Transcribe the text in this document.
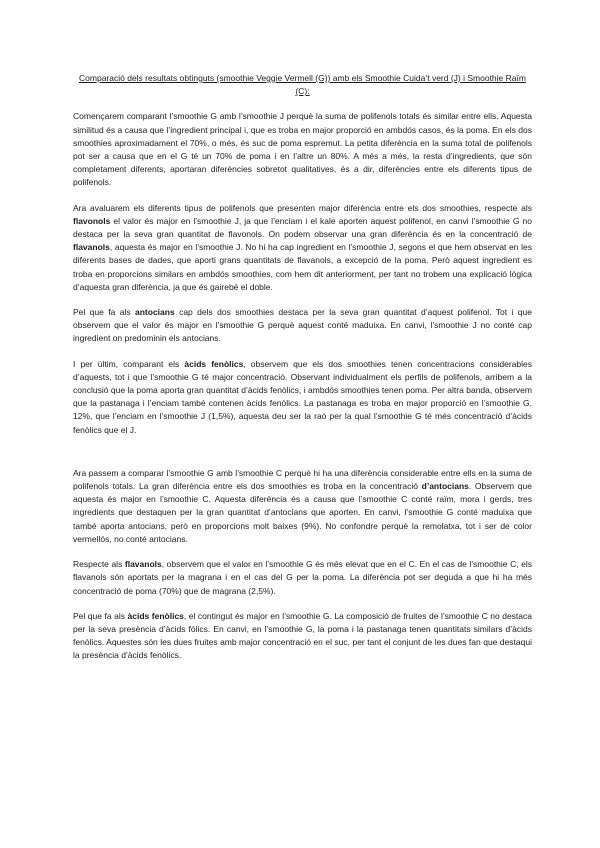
Comparació dels resultats obtinguts (smoothie Veggie Vermell (G)) amb els Smoothie Cuida’t verd (J) i Smoothie Raïm (C):

Començarem comparant l’smoothie G amb l’smoothie J perquè la suma de polifenols totals és similar entre ells. Aquesta similitud és a causa que l’ingredient principal i, que es troba en major proporció en ambdós casos, és la poma. En els dos smoothies aproximadament el 70%, o més, és suc de poma espremut. La petita diferència en la suma total de polifenols pot ser a causa que en el G té un 70% de poma i en l’altre un 80%. A més a més, la resta d’ingredients, que són completament diferents, aportaran diferències sobretot qualitatives, és a dir, diferències entre els diferents tipus de polifenols.

Ara avaluarem els diferents tipus de polifenols que presenten major diferència entre els dos smoothies, respecte als flavonols el valor és major en l’smoothie J, ja que l’enciam i el kale aporten aquest polifenol, en canvi l’smoothie G no destaca per la seva gran quantitat de flavonols. On podem observar una gran diferència és en la concentració de flavanols, aquesta és major en l’smoothie J. No hi ha cap ingredient en l’smoothie J, segons el que hem observat en les diferents bases de dades, que aporti grans quantitats de flavanols, a excepció de la poma. Però aquest ingredient es troba en proporcions similars en ambdós smoothies, com hem dit anteriorment, per tant no trobem una explicació lògica d’aquesta gran diferència, ja que és gairebé el doble.

Pel que fa als antocians cap dels dos smoothies destaca per la seva gran quantitat d’aquest polifenol. Tot i que observem que el valor és major en l’smoothie G perquè aquest conté maduixa. En canvi, l’smoothie J no conté cap ingredient on predominin els antocians.

I per últim, comparant els àcids fenòlics, observem que els dos smoothies tenen concentracions considerables d’aquests, tot i que l’smoothie G té major concentració. Observant individualment els perfils de polifenols, arribem a la conclusió que la poma aporta gran quantitat d’àcids fenòlics, i ambdós smoothies tenen poma. Per altra banda, observem que la pastanaga i l’enciam també contenen àcids fenòlics. La pastanaga es troba en major proporció en l’smoothie G, 12%, que l’enciam en l’smoothie J (1,5%), aquesta deu ser la raó per la qual l’smoothie G té més concentració d’àcids fenòlics que el J.

Ara passem a comparar l’smoothie G amb l’smoothie C perquè hi ha una diferència considerable entre ells en la suma de polifenols totals. La gran diferència entre els dos smoothies es troba en la concentració d’antocians. Observem que aquesta és major en l’smoothie C. Aquesta diferència és a causa que l’smoothie C conté raïm, mora i gerds, tres ingredients que destaquen per la gran quantitat d’antocians que aporten. En canvi, l’smoothie G conté maduixa que també aporta antocians, però en proporcions molt baixes (9%). No confondre perquè la remolatxa, tot i ser de color vermellós, no conté antocians.

Respecte als flavanols, observem que el valor en l’smoothie G és més elevat que en el C. En el cas de l’smoothie C, els flavanols són aportats per la magrana i en el cas del G per la poma. La diferència pot ser deguda a que hi ha més concentració de poma (70%) que de magrana (2,5%).

Pel que fa als àcids fenòlics, el contingut és major en l’smoothie G. La composició de fruites de l’smoothie C no destaca per la seva presència d’àcids fòlics. En canvi, en l’smoothie G, la poma i la pastanaga tenen quantitats similars d’àcids fenòlics. Aquestes són les dues fruites amb major concentració en el suc, per tant el conjunt de les dues fan que destaqui la presència d’àcids fenòlics.
